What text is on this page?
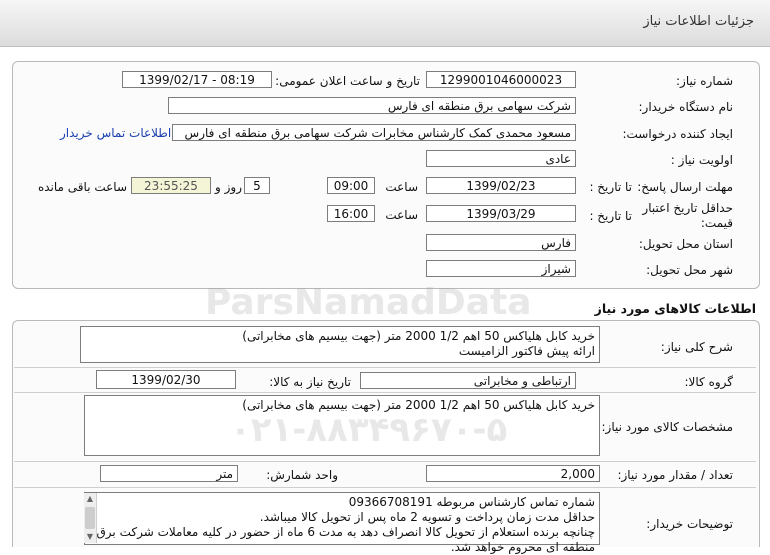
جزئیات اطلاعات نیاز
شماره نیاز:
1299001046000023
تاریخ و ساعت اعلان عمومی:
1399/02/17 - 08:19
نام دستگاه خریدار:
شرکت سهامی برق منطقه ای فارس
ایجاد کننده درخواست:
مسعود محمدی کمک کارشناس مخابرات شرکت سهامی برق منطقه ای فارس
اطلاعات تماس خریدار
اولویت نیاز :
عادی
مهلت ارسال پاسخ:
تا تاریخ :
1399/02/23
ساعت
09:00
5
روز و
23:55:25
ساعت باقی مانده
حداقل تاریخ اعتبار قیمت:
تا تاریخ :
1399/03/29
ساعت
16:00
استان محل تحویل:
فارس
شهر محل تحویل:
شیراز
اطلاعات کالاهای مورد نیاز
شرح کلی نیاز:
خرید کابل هلیاکس 50 اهم 1/2 2000 متر (جهت بیسیم های مخابراتی)
ارائه پیش فاکتور الزامیست
گروه کالا:
ارتباطی و مخابراتی
تاریخ نیاز به کالا:
1399/02/30
مشخصات کالای مورد نیاز:
خرید کابل هلیاکس 50 اهم 1/2 2000 متر (جهت بیسیم های مخابراتی)
تعداد / مقدار مورد نیاز:
2,000
واحد شمارش:
متر
توضیحات خریدار:
شماره تماس کارشناس مربوطه 09366708191
حداقل مدت زمان پرداخت و تسویه 2 ماه پس از تحویل کالا میباشد.
چنانچه برنده استعلام از تحویل کالا انصراف دهد به مدت 6 ماه از حضور در کلیه معاملات شرکت برق
منطقه ای محروم خواهد شد.
▲
▼
ParsNamadData
۰۲۱-۸۸۳۴۹۶۷۰-۵
